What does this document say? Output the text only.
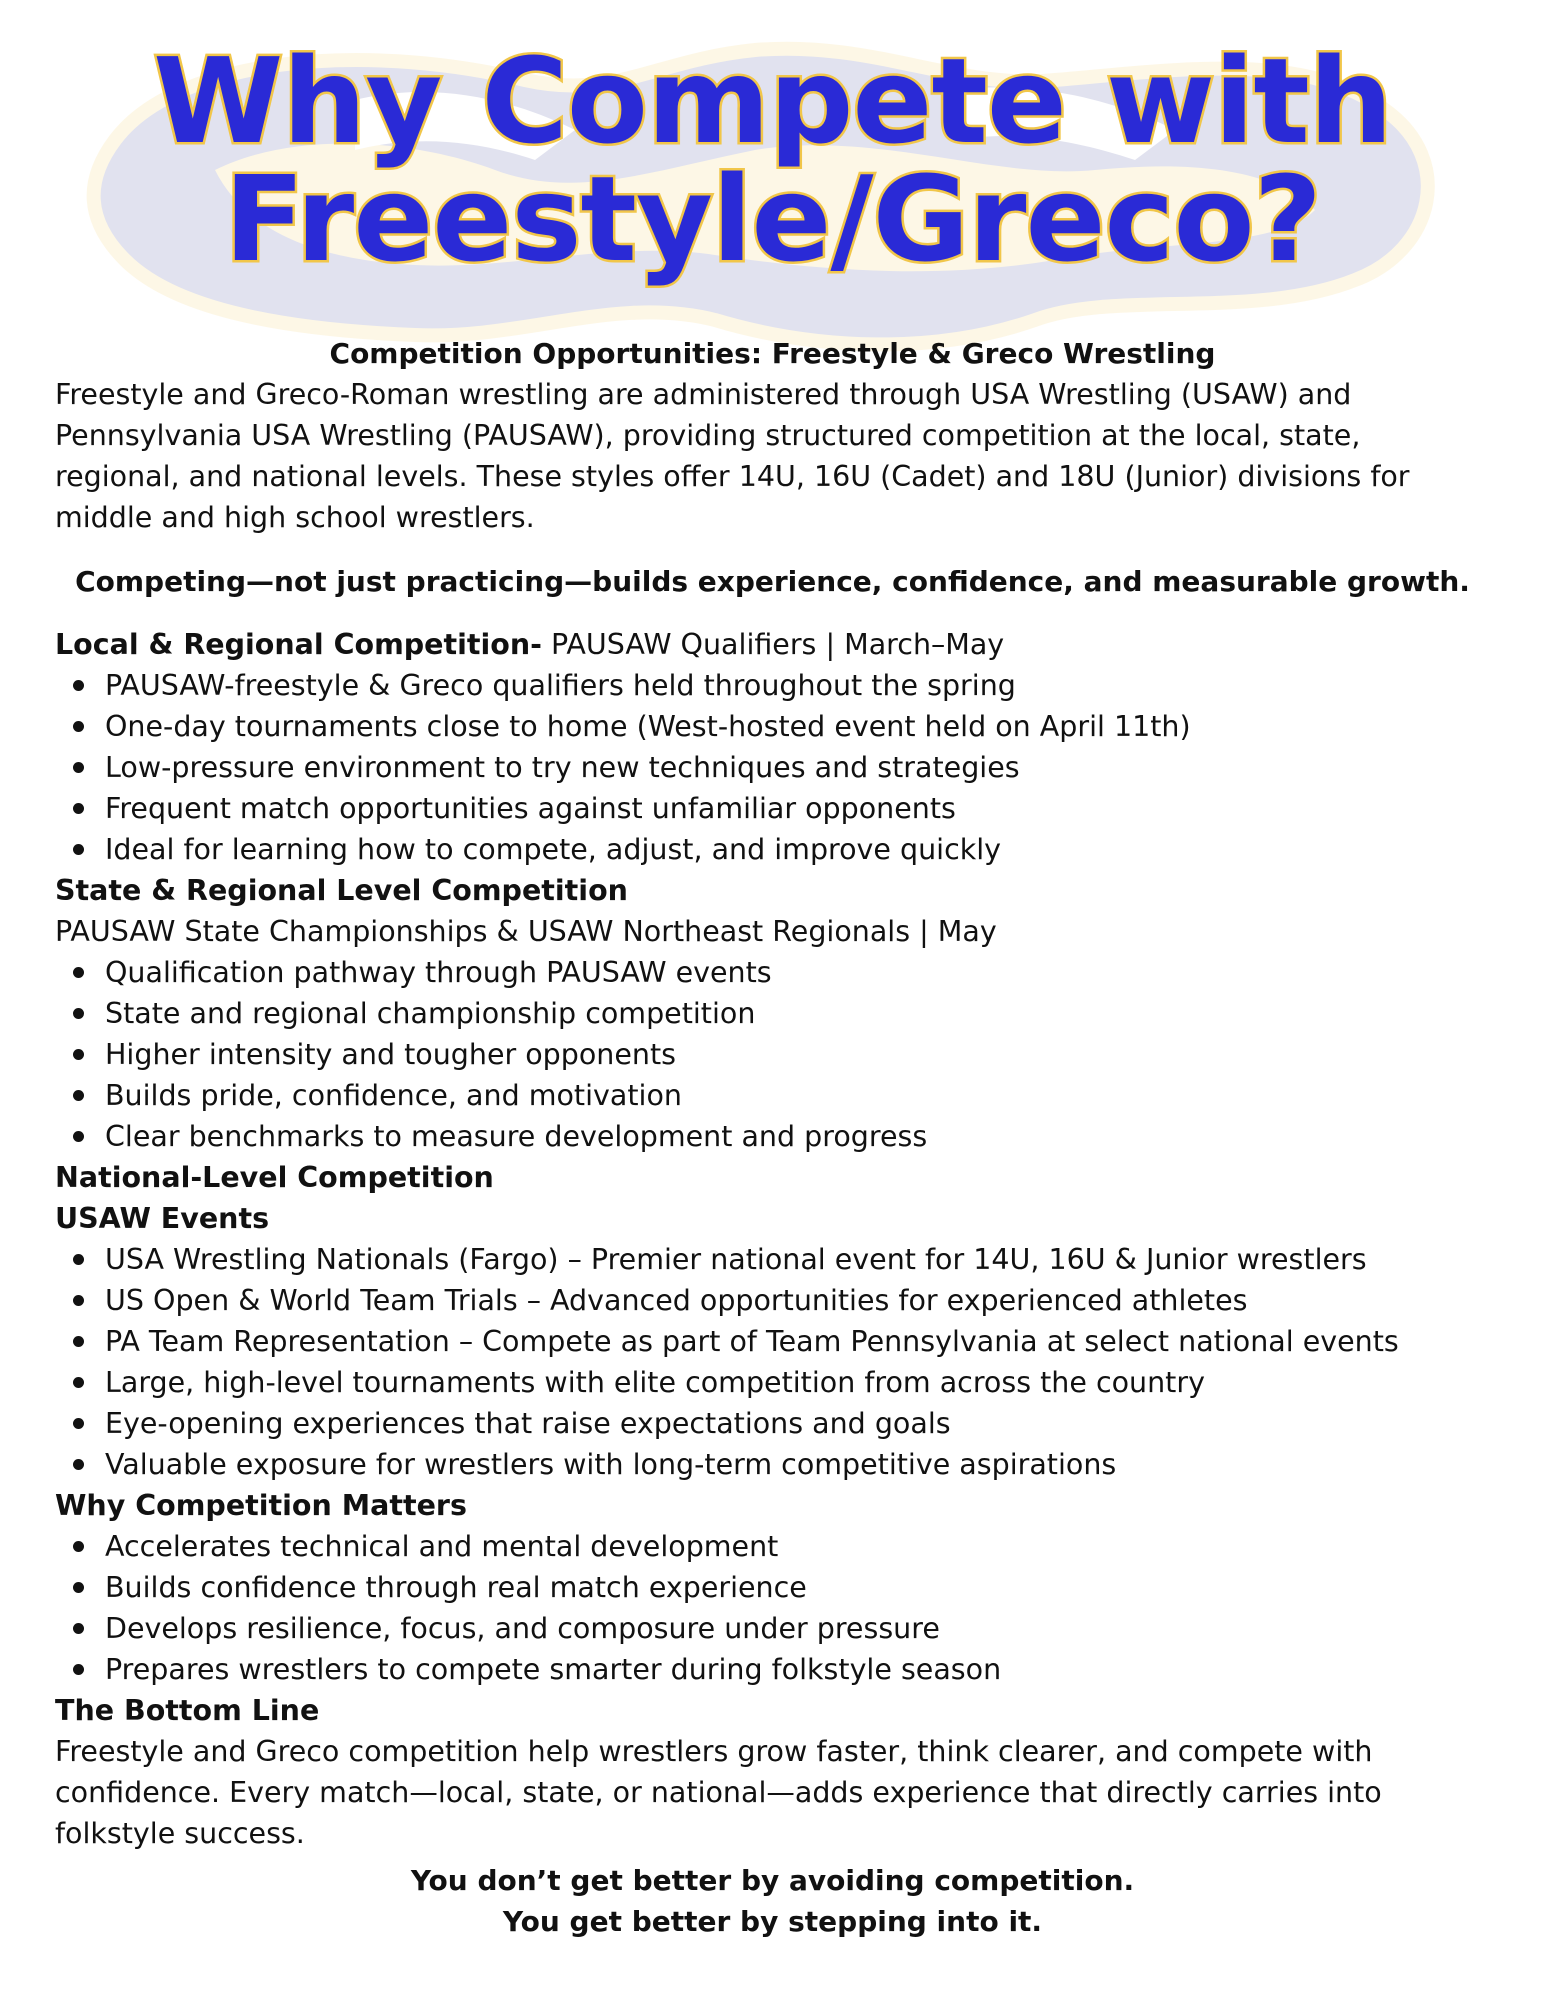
Why Compete with
Freestyle/Greco?
Competition Opportunities: Freestyle & Greco Wrestling

Freestyle and Greco-Roman wrestling are administered through USA Wrestling (USAW) and Pennsylvania USA Wrestling (PAUSAW), providing structured competition at the local, state, regional, and national levels. These styles offer 14U, 16U (Cadet) and 18U (Junior) divisions for middle and high school wrestlers.

Competing—not just practicing—builds experience, confidence, and measurable growth.

Local & Regional Competition- PAUSAW Qualifiers | March–May

PAUSAW-freestyle & Greco qualifiers held throughout the spring
One-day tournaments close to home (West-hosted event held on April 11th)
Low-pressure environment to try new techniques and strategies
Frequent match opportunities against unfamiliar opponents
Ideal for learning how to compete, adjust, and improve quickly

State & Regional Level Competition

PAUSAW State Championships & USAW Northeast Regionals | May

Qualification pathway through PAUSAW events
State and regional championship competition
Higher intensity and tougher opponents
Builds pride, confidence, and motivation
Clear benchmarks to measure development and progress

National-Level Competition

USAW Events

USA Wrestling Nationals (Fargo) – Premier national event for 14U, 16U & Junior wrestlers
US Open & World Team Trials – Advanced opportunities for experienced athletes
PA Team Representation – Compete as part of Team Pennsylvania at select national events
Large, high-level tournaments with elite competition from across the country
Eye-opening experiences that raise expectations and goals
Valuable exposure for wrestlers with long-term competitive aspirations

Why Competition Matters

Accelerates technical and mental development
Builds confidence through real match experience
Develops resilience, focus, and composure under pressure
Prepares wrestlers to compete smarter during folkstyle season

The Bottom Line

Freestyle and Greco competition help wrestlers grow faster, think clearer, and compete with confidence. Every match—local, state, or national—adds experience that directly carries into folkstyle success.

You don’t get better by avoiding competition.
You get better by stepping into it.
